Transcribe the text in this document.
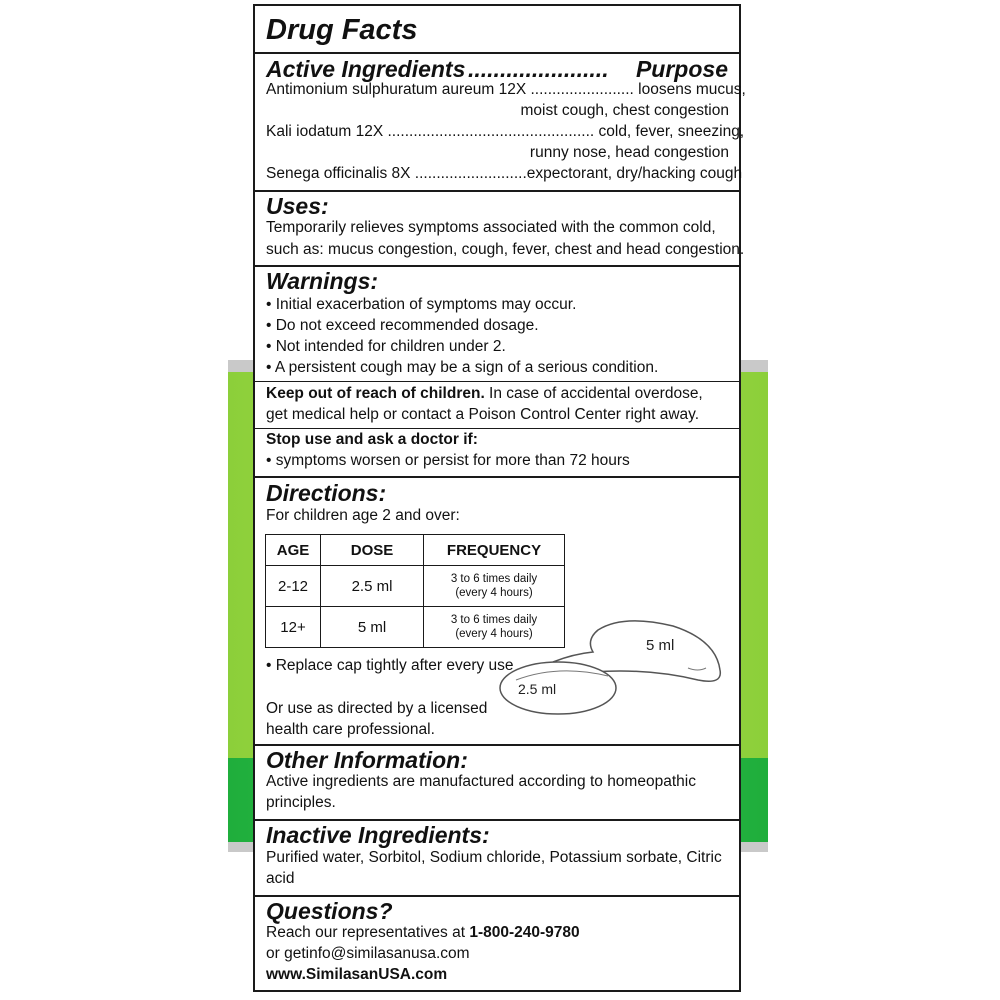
Drug Facts
Active Ingredients ...................... Purpose
Antimonium sulphuratum aureum 12X ........................ loosens mucus,
moist cough, chest congestion
Kali iodatum 12X ................................................ cold, fever, sneezing,
runny nose, head congestion
Senega officinalis 8X ..........................expectorant, dry/hacking cough
Uses:
Temporarily relieves symptoms associated with the common cold,
such as: mucus congestion, cough, fever, chest and head congestion.
Warnings:
• Initial exacerbation of symptoms may occur.
• Do not exceed recommended dosage.
• Not intended for children under 2.
• A persistent cough may be a sign of a serious condition.
Keep out of reach of children. In case of accidental overdose,
get medical help or contact a Poison Control Center right away.
Stop use and ask a doctor if:
• symptoms worsen or persist for more than 72 hours
Directions:
For children age 2 and over:
AGE	DOSE	FREQUENCY
2-12	2.5 ml	3 to 6 times daily
(every 4 hours)

12+	5 ml	3 to 6 times daily
(every 4 hours)
5 ml
2.5 ml
• Replace cap tightly after every use
Or use as directed by a licensed
health care professional.
Other Information:
Active ingredients are manufactured according to homeopathic
principles.
Inactive Ingredients:
Purified water, Sorbitol, Sodium chloride, Potassium sorbate, Citric
acid
Questions?
Reach our representatives at 1-800-240-9780
or getinfo@similasanusa.com
www.SimilasanUSA.com
